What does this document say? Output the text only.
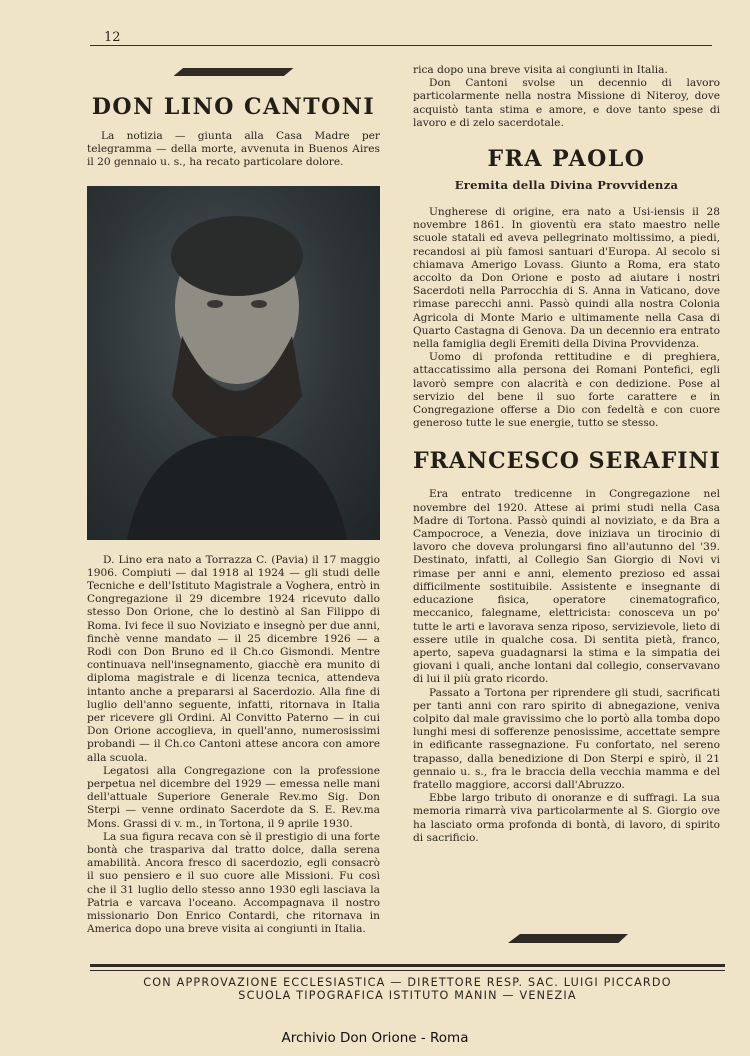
12
DON LINO CANTONI

La notizia — giunta alla Casa Madre per telegramma — della morte, avvenuta in Buenos Aires il 20 gennaio u. s., ha recato particolare dolore.

D. Lino era nato a Torrazza C. (Pavia) il 17 maggio 1906. Compiuti — dal 1918 al 1924 — gli studi delle Tecniche e dell'Istituto Magistrale a Voghera, entrò in Congregazione il 29 dicembre 1924 ricevuto dallo stesso Don Orione, che lo destinò al San Filippo di Roma. Ivi fece il suo Noviziato e insegnò per due anni, finchè venne mandato — il 25 dicembre 1926 — a Rodi con Don Bruno ed il Ch.co Gismondi. Mentre continuava nell'insegnamento, giacchè era munito di diploma magistrale e di licenza tecnica, attendeva intanto anche a prepararsi al Sacerdozio. Alla fine di luglio dell'anno seguente, infatti, ritornava in Italia per ricevere gli Ordini. Al Convitto Paterno — in cui Don Orione accoglieva, in quell'anno, numerosissimi probandi — il Ch.co Cantoni attese ancora con amore alla scuola.

Legatosi alla Congregazione con la professione perpetua nel dicembre del 1929 — emessa nelle mani dell'attuale Superiore Generale Rev.mo Sig. Don Sterpi — venne ordinato Sacerdote da S. E. Rev.ma Mons. Grassi di v. m., in Tortona, il 9 aprile 1930.

La sua figura recava con sè il prestigio di una forte bontà che traspariva dal tratto dolce, dalla serena amabilità. Ancora fresco di sacerdozio, egli consacrò il suo pensiero e il suo cuore alle Missioni. Fu così che il 31 luglio dello stesso anno 1930 egli lasciava la Patria e varcava l'oceano. Accompagnava il nostro missionario Don Enrico Contardi, che ritornava in America dopo una breve visita ai congiunti in Italia.

rica dopo una breve visita ai congiunti in Italia.

Don Cantoni svolse un decennio di lavoro particolarmente nella nostra Missione di Niteroy, dove acquistò tanta stima e amore, e dove tanto spese di lavoro e di zelo sacerdotale.

FRA PAOLO
Eremita della Divina Provvidenza

Ungherese di origine, era nato a Usi-iensis il 28 novembre 1861. In gioventù era stato maestro nelle scuole statali ed aveva pellegrinato moltissimo, a piedi, recandosi ai più famosi santuari d'Europa. Al secolo si chiamava Amerigo Lovass. Giunto a Roma, era stato accolto da Don Orione e posto ad aiutare i nostri Sacerdoti nella Parrocchia di S. Anna in Vaticano, dove rimase parecchi anni. Passò quindi alla nostra Colonia Agricola di Monte Mario e ultimamente nella Casa di Quarto Castagna di Genova. Da un decennio era entrato nella famiglia degli Eremiti della Divina Provvidenza.

Uomo di profonda rettitudine e di preghiera, attaccatissimo alla persona dei Romani Pontefici, egli lavorò sempre con alacrità e con dedizione. Pose al servizio del bene il suo forte carattere e in Congregazione offerse a Dio con fedeltà e con cuore generoso tutte le sue energie, tutto se stesso.

FRANCESCO SERAFINI

Era entrato tredicenne in Congregazione nel novembre del 1920. Attese ai primi studi nella Casa Madre di Tortona. Passò quindi al noviziato, e da Bra a Campocroce, a Venezia, dove iniziava un tirocinio di lavoro che doveva prolungarsi fino all'autunno del '39. Destinato, infatti, al Collegio San Giorgio di Novi vi rimase per anni e anni, elemento prezioso ed assai difficilmente sostituibile. Assistente e insegnante di educazione fisica, operatore cinematografico, meccanico, falegname, elettricista: conosceva un po' tutte le arti e lavorava senza riposo, servizievole, lieto di essere utile in qualche cosa. Di sentita pietà, franco, aperto, sapeva guadagnarsi la stima e la simpatia dei giovani i quali, anche lontani dal collegio, conservavano di lui il più grato ricordo.

Passato a Tortona per riprendere gli studi, sacrificati per tanti anni con raro spirito di abnegazione, veniva colpito dal male gravissimo che lo portò alla tomba dopo lunghi mesi di sofferenze penosissime, accettate sempre in edificante rassegnazione. Fu confortato, nel sereno trapasso, dalla benedizione di Don Sterpi e spirò, il 21 gennaio u. s., fra le braccia della vecchia mamma e del fratello maggiore, accorsi dall'Abruzzo.

Ebbe largo tributo di onoranze e di suffragi. La sua memoria rimarrà viva particolarmente al S. Giorgio ove ha lasciato orma profonda di bontà, di lavoro, di spirito di sacrificio.

CON APPROVAZIONE ECCLESIASTICA — DIRETTORE RESP. SAC. LUIGI PICCARDO
SCUOLA TIPOGRAFICA ISTITUTO MANIN — VENEZIA
Archivio Don Orione - Roma
